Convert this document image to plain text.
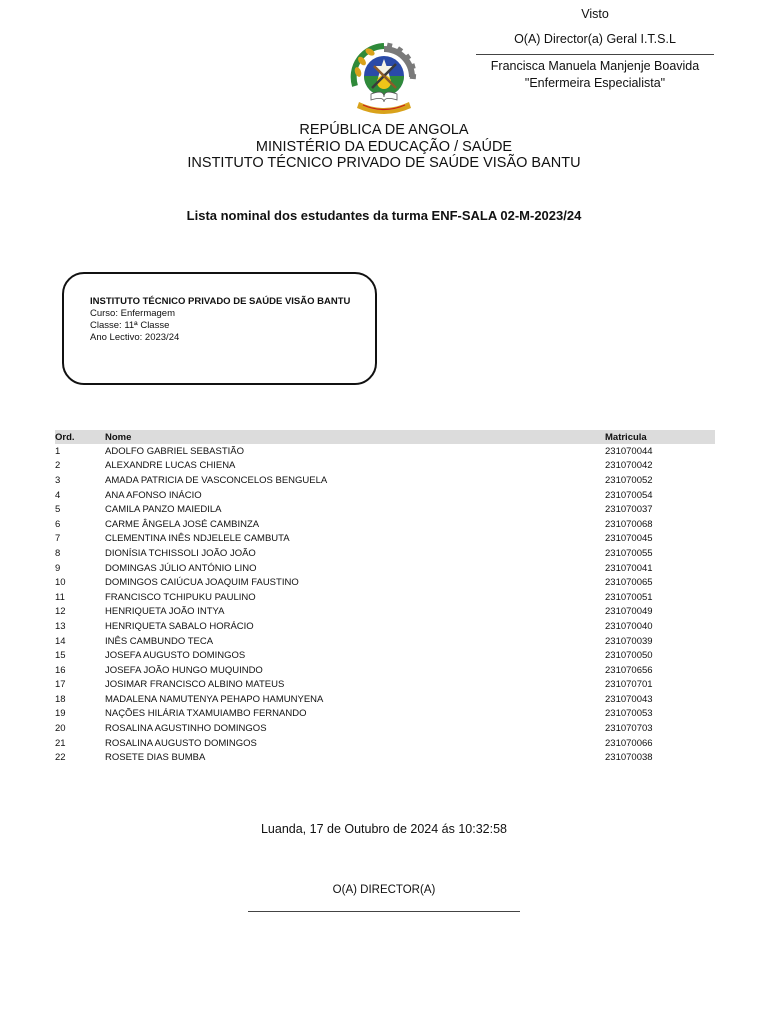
Visto
O(A) Director(a) Geral I.T.S.L
Francisca Manuela Manjenje Boavida
"Enfermeira Especialista"
REPÚBLICA DE ANGOLA
MINISTÉRIO DA EDUCAÇÃO / SAÚDE
INSTITUTO TÉCNICO PRIVADO DE SAÚDE VISÃO BANTU
Lista nominal dos estudantes da turma ENF-SALA 02-M-2023/24
INSTITUTO TÉCNICO PRIVADO DE SAÚDE VISÃO BANTU
Curso: Enfermagem
Classe: 11ª Classe
Ano Lectivo: 2023/24
Ord.	Nome	Matricula
1	ADOLFO GABRIEL SEBASTIÃO	231070044
2	ALEXANDRE LUCAS CHIENA	231070042
3	AMADA PATRICIA DE VASCONCELOS BENGUELA	231070052
4	ANA AFONSO INÁCIO	231070054
5	CAMILA PANZO MAIEDILA	231070037
6	CARME ÂNGELA JOSÉ CAMBINZA	231070068
7	CLEMENTINA INÊS NDJELELE CAMBUTA	231070045
8	DIONÍSIA TCHISSOLI JOÃO JOÃO	231070055
9	DOMINGAS JÚLIO ANTÓNIO LINO	231070041
10	DOMINGOS CAIÚCUA JOAQUIM FAUSTINO	231070065
11	FRANCISCO TCHIPUKU PAULINO	231070051
12	HENRIQUETA JOÃO INTYA	231070049
13	HENRIQUETA SABALO HORÁCIO	231070040
14	INÊS CAMBUNDO TECA	231070039
15	JOSEFA AUGUSTO DOMINGOS	231070050
16	JOSEFA JOÃO HUNGO MUQUINDO	231070656
17	JOSIMAR FRANCISCO ALBINO MATEUS	231070701
18	MADALENA NAMUTENYA PEHAPO HAMUNYENA	231070043
19	NAÇÕES HILÁRIA TXAMUIAMBO FERNANDO	231070053
20	ROSALINA AGUSTINHO DOMINGOS	231070703
21	ROSALINA AUGUSTO DOMINGOS	231070066
22	ROSETE DIAS BUMBA	231070038
Luanda, 17 de Outubro de 2024 ás 10:32:58
O(A) DIRECTOR(A)
